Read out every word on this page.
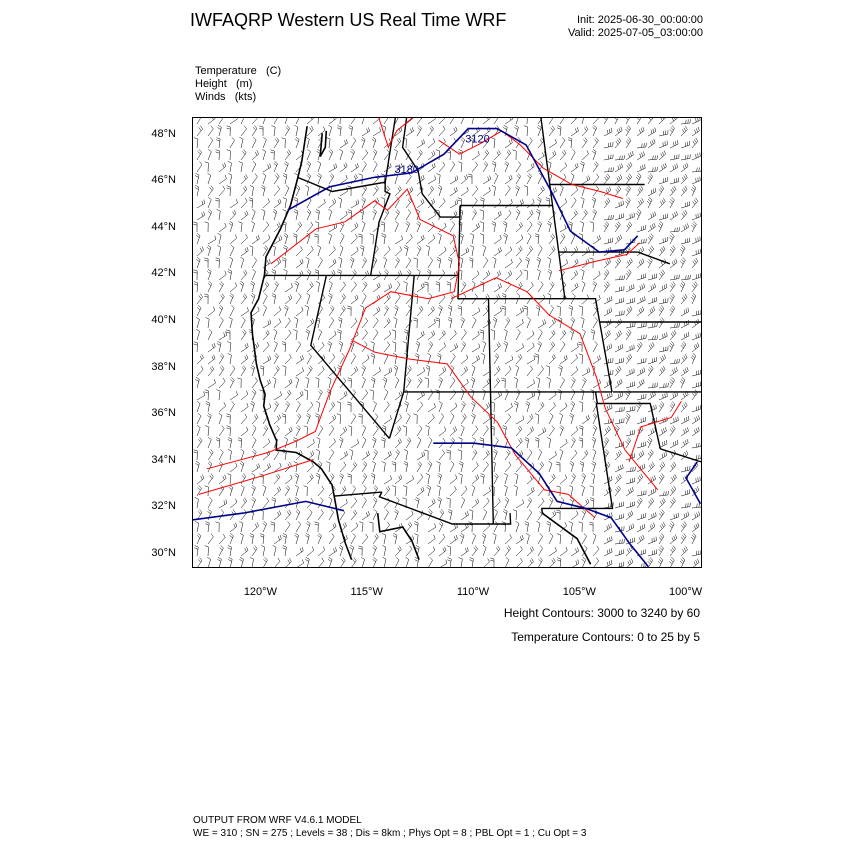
IWFAQRP Western US Real Time WRF	Init: 2025-06-30_00:00:00
Valid: 2025-07-05_03:00:00
Temperature (C)
Height (m)
Winds (kts)
3120
3180
48°N
46°N
44°N
42°N
40°N
38°N
36°N
34°N
32°N
30°N
120°W	115°W	110°W	105°W	100°W
Height Contours: 3000 to 3240 by 60
Temperature Contours: 0 to 25 by 5
OUTPUT FROM WRF V4.6.1 MODEL
WE = 310 ; SN = 275 ; Levels = 38 ; Dis = 8km ; Phys Opt = 8 ; PBL Opt = 1 ; Cu Opt = 3
